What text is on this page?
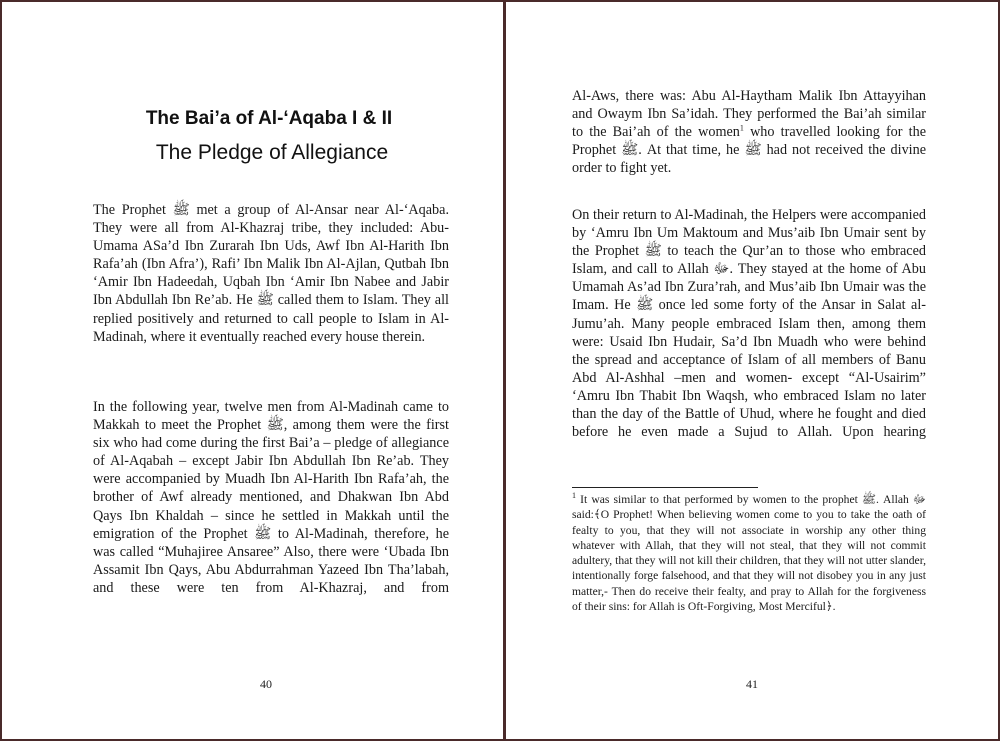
The Bai’a of Al-‘Aqaba I & II
The Pledge of Allegiance
The Prophet ﷺ met a group of Al-Ansar near Al-‘Aqaba. They were all from Al-Khazraj tribe, they included: Abu-Umama ASa’d Ibn Zurarah Ibn Uds, Awf Ibn Al-Harith Ibn Rafa’ah (Ibn Afra’), Rafi’ Ibn Malik Ibn Al-Ajlan, Qutbah Ibn ‘Amir Ibn Hadeedah, Uqbah Ibn ‘Amir Ibn Nabee and Jabir Ibn Abdullah Ibn Re’ab. He ﷺ called them to Islam. They all replied positively and returned to call people to Islam in Al-Madinah, where it eventually reached every house therein.
In the following year, twelve men from Al-Madinah came to Makkah to meet the Prophet ﷺ, among them were the first six who had come during the first Bai’a – pledge of allegiance of Al-Aqabah – except Jabir Ibn Abdullah Ibn Re’ab. They were accompanied by Muadh Ibn Al-Harith Ibn Rafa’ah, the brother of Awf already mentioned, and Dhakwan Ibn Abd Qays Ibn Khaldah – since he settled in Makkah until the emigration of the Prophet ﷺ to Al-Madinah, therefore, he was called “Muhajiree Ansaree” Also, there were ‘Ubada Ibn Assamit Ibn Qays, Abu Abdurrahman Yazeed Ibn Tha’labah, and these were ten from Al-Khazraj, and from
40
Al-Aws, there was: Abu Al-Haytham Malik Ibn Attayyihan and Owaym Ibn Sa’idah. They performed the Bai’ah similar to the Bai’ah of the women$^1$ who travelled looking for the Prophet ﷺ. At that time, he ﷺ had not received the divine order to fight yet.
On their return to Al-Madinah, the Helpers were accompanied by ‘Amru Ibn Um Maktoum and Mus’aib Ibn Umair sent by the Prophet ﷺ to teach the Qur’an to those who embraced Islam, and call to Allah ﷻ. They stayed at the home of Abu Umamah As’ad Ibn Zura’rah, and Mus’aib Ibn Umair was the Imam. He ﷺ once led some forty of the Ansar in Salat al-Jumu’ah. Many people embraced Islam then, among them were: Usaid Ibn Hudair, Sa’d Ibn Muadh who were behind the spread and acceptance of Islam of all members of Banu Abd Al-Ashhal –men and women- except “Al-Usairim” ‘Amru Ibn Thabit Ibn Waqsh, who embraced Islam no later than the day of the Battle of Uhud, where he fought and died before he even made a Sujud to Allah. Upon hearing
$^1$ It was similar to that performed by women to the prophet ﷺ. Allah ﷻ said:﴾O Prophet! When believing women come to you to take the oath of fealty to you, that they will not associate in worship any other thing whatever with Allah, that they will not steal, that they will not commit adultery, that they will not kill their children, that they will not utter slander, intentionally forge falsehood, and that they will not disobey you in any just matter,- Then do receive their fealty, and pray to Allah for the forgiveness of their sins: for Allah is Oft-Forgiving, Most Merciful﴿.
41
